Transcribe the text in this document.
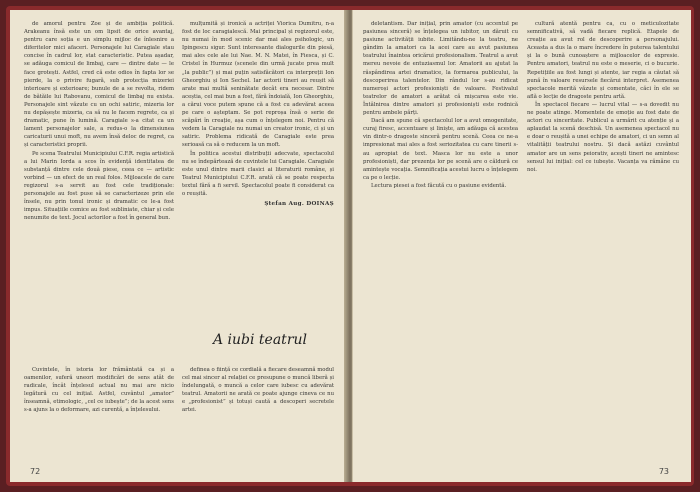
de amorul pentru Zoe și de ambiția politică. Arakeanu însă este un om lipsit de orice avantaj, pentru care soția e un simplu mijloc de înlesnire a diferitelor mici afaceri. Personajele lui Caragiale stau concise în cadrul lor, stat caracteristic. Putea așadar, se adăuga comicul de limbaj, care — dintre date — le face grotești. Astfel, cred că este odios în fapta lor se pierde, la o privire fugară, sub protecția mizeriei interioare și exterioare; bunule de a se revolta, ridem de bătăile lui Rabovanu, comicul de limbaj nu exista. Personajele sint văzute cu un ochi satiric, mizeria lor nu depășește mizeria, ca să nu le facem regrete, ca și dramatic, pune în lumină. Caragiale s-a citat ca un lament personajelor sale, a redus-o la dimensiunea caricaturii unui moft, nu avem însă deloc de regret, ca și caracteristici proprii.

Pe scena Teatrului Municipiului C.F.R. regia artistică a lui Marin Iorda a scos în evidență identitatea de substanță dintre cele două piese, ceea ce — artistic vorbind — un efect de un real folos. Mijloacele de care regizorul s-a servit au fost cele tradiționale: personajele au fost puse să se caracterizeze prin ele însele, nu prin tonul ironic și dramatic ce le-a fost impus. Situațiile comice au fost subliniate, chiar și cele nenumite de text. Jocul actorilor a fost în general bun.

mulțumită și ironică a actriței Viorica Dumitru, n-a fost de loc caragialescă. Mai principal și regizorul este, nu numai în mod scenic dar mai ales psihologic, un Ipingescu sigur. Sunt interesante dialogurile din piesă, mai ales cele ale lui Nae. M. N. Matei, în Fiesca, și C. Cristel în Hurmuz (scenele din urmă jucate prea mult „la public”) și mai puțin satisfăcători ca interpreții Ion Gheorghiu și Ion Sechel. Iar actorii tineri au reușit să arate mai multă seninătate decât era necesar. Dintre aceștia, cel mai bun a fost, fără îndoială, Ion Gheorghiu, a cărui voce putem spune că a fost cu adevărat aceea pe care o așteptam. Se pot reproșa însă o serie de scăpări în creație, așa cum o înțelegem noi. Pentru că vedem la Caragiale nu numai un creator ironic, ci și un satiric. Problema ridicată de Caragiale este prea serioasă ca să o reducem la un moft.

În politica acestui distribuții adecvate, spectacolul nu se îndepărtează de cuvintele lui Caragiale. Caragiale este unul dintre marii clasici ai literaturii române, și Teatrul Municipiului C.F.R. arată că se poate respecta textul fără a fi servil. Spectacolul poate fi considerat ca o reușită.

Ștefan Aug. DOINAȘ
A iubi teatrul

Cuvintele, în istoria lor frământată ca și a oamenilor, suferă uneori modificări de sens atât de radicale, încât înțelesul actual nu mai are nicio legătură cu cel inițial. Astfel, cuvântul „amator” înseamnă, etimologic, „cel ce iubește”; de la acest sens s-a ajuns la o deformare, azi curentă, a înțelesului.

definea o ființă ce cordială a fiecare deseamnă modul cel mai sincer al relației ce presupune o muncă liberă și îndelungată, o muncă a celor care iubesc cu adevărat teatrul. Amatorii ne arată ce poate ajunge cineva ce nu e „profesionist” și totuși caută a descoperi secretele artei.

72

deletantism. Dar inițial, prin amator (cu accentul pe pasiunea sinceră) se înțelegea un iubitor, un dăruit cu pasiune activității iubite. Limitându-ne la teatru, ne gândim la amatori ca la acei care au avut pasiunea teatrului înaintea oricărui profesionalism. Teatrul a avut mereu nevoie de entuziasmul lor. Amatorii au ajutat la răspândirea artei dramatice, la formarea publicului, la descoperirea talentelor. Din rândul lor s-au ridicat numeroși actori profesioniști de valoare. Festivalul teatrelor de amatori a arătat că mișcarea este vie. Întâlnirea dintre amatori și profesioniști este rodnică pentru ambele părți.

Dacă am spune că spectacolul lor a avut omogenitate, curaj firesc, accentuare și liniște, am adăuga că acestea vin dintr-o dragoste sinceră pentru scenă. Ceea ce ne-a impresionat mai ales a fost seriozitatea cu care tinerii s-au apropiat de text. Masca lor nu este a unor profesioniști, dar prezența lor pe scenă are o căldură ce amintește vocația. Semnificația acestui lucru o înțelegem ca pe o lecție.

Lectura piesei a fost făcută cu o pasiune evidentă.

cultură atentă pentru ca, cu o meticulozitate semnificativă, să vadă fiecare replică. Etapele de creație au avut rol de descoperire a personajului. Aceasta a dus la o mare încredere în puterea talentului și la o bună cunoaștere a mijloacelor de expresie. Pentru amatori, teatrul nu este o meserie, ci o bucurie. Repetițiile au fost lungi și atente, iar regia a căutat să pună în valoare resursele fiecărui interpret. Asemenea spectacole merită văzute și comentate, căci în ele se află o lecție de dragoste pentru artă.

În spectacol fiecare — lucrul vital — s-a dovedit nu ne poate atinge. Momentele de emoție au fost date de actori cu sinceritate. Publicul a urmărit cu atenție și a aplaudat la scenă deschisă. Un asemenea spectacol nu e doar o reușită a unei echipe de amatori, ci un semn al vitalității teatrului nostru. Și dacă astăzi cuvântul amator are un sens peiorativ, acești tineri ne amintesc sensul lui inițial: cel ce iubește. Vacanța va rămâne cu noi.

73
